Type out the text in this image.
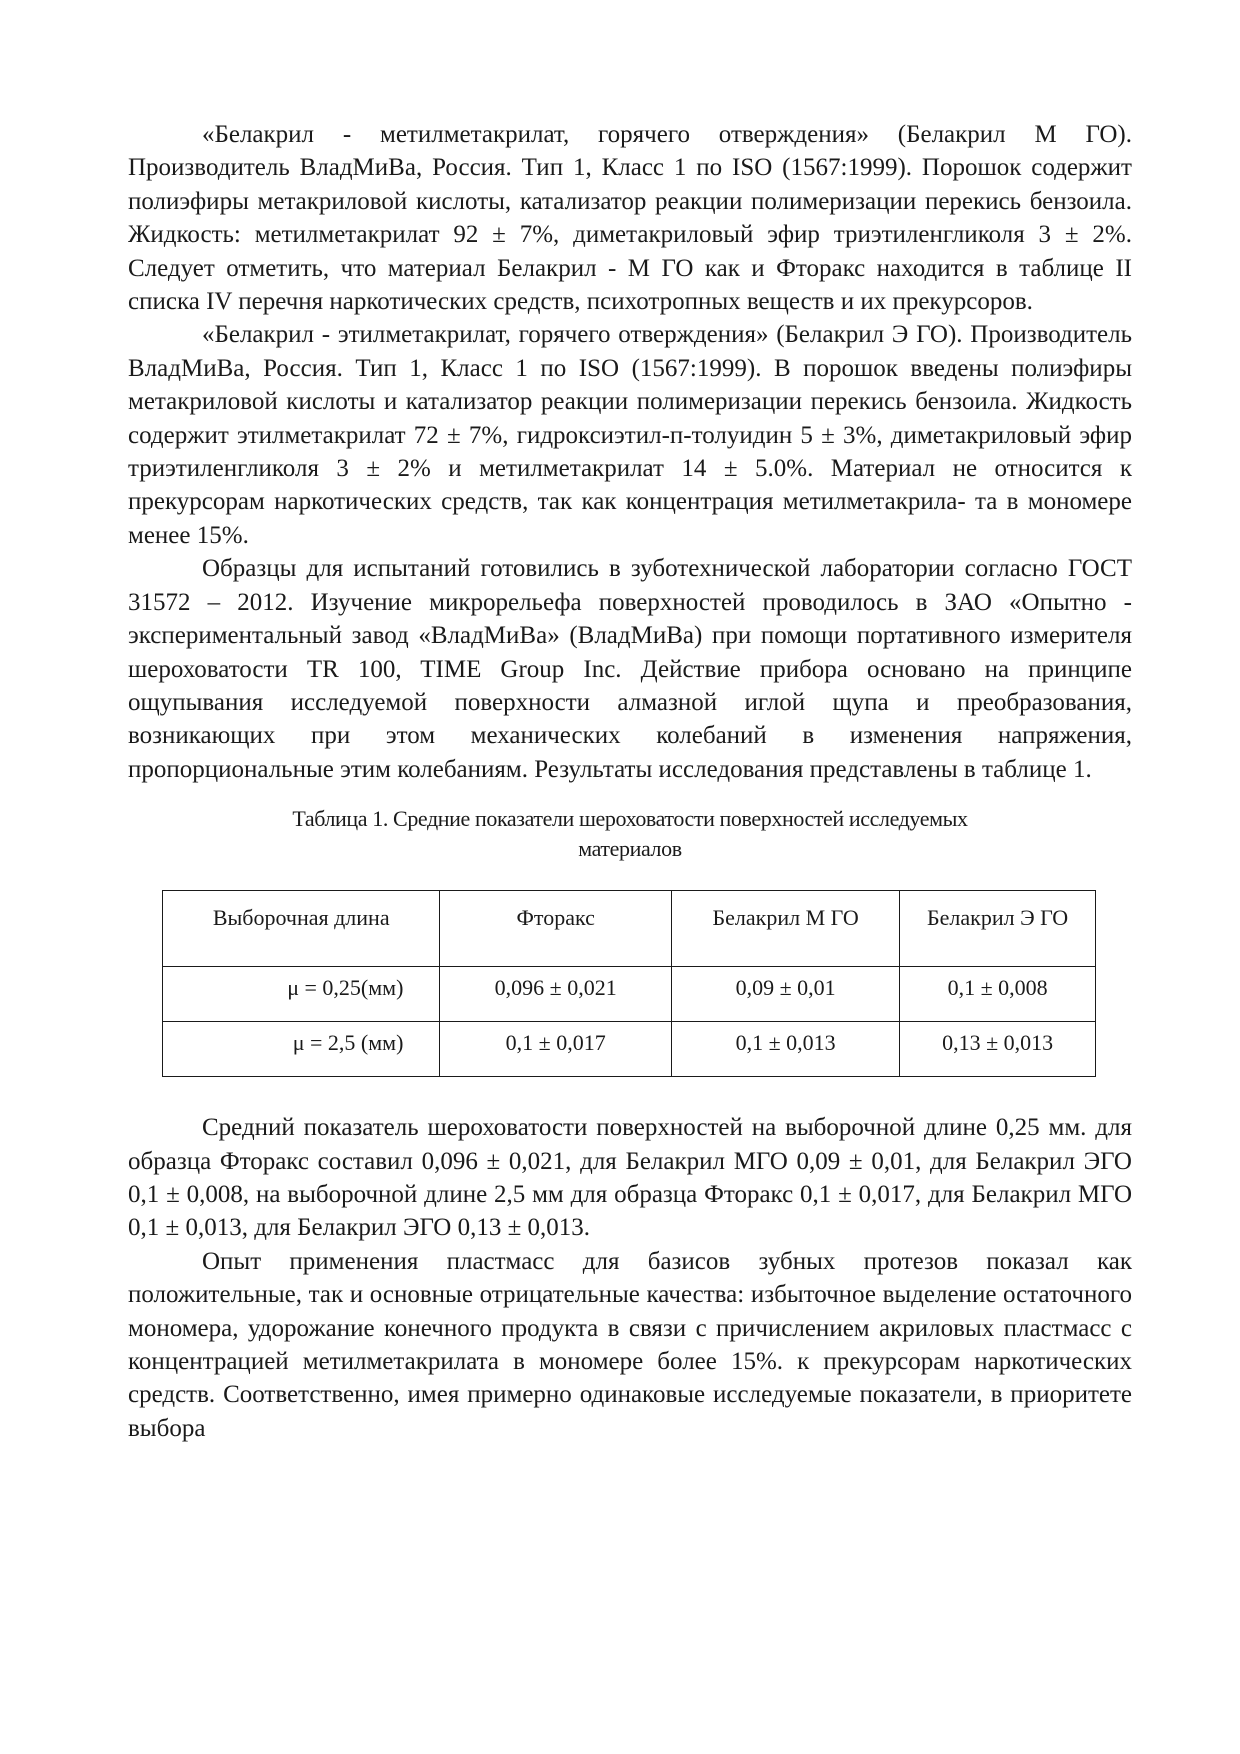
«Белакрил - метилметакрилат, горячего отверждения» (Белакрил М ГО). Производитель ВладМиВа, Россия. Тип 1, Класс 1 по ISO (1567:1999). Порошок содержит полиэфиры метакриловой кислоты, катализатор реакции полимеризации перекись бензоила. Жидкость: метилметакрилат 92 ± 7%, диметакриловый эфир триэтиленгликоля 3 ± 2%. Следует отметить, что материал Белакрил - М ГО как и Фторакс находится в таблице II списка IV перечня наркотических средств, психотропных веществ и их прекурсоров.

«Белакрил - этилметакрилат, горячего отверждения» (Белакрил Э ГО). Производитель ВладМиВа, Россия. Тип 1, Класс 1 по ISO (1567:1999). В порошок введены полиэфиры метакриловой кислоты и катализатор реакции полимеризации перекись бензоила. Жидкость содержит этилметакрилат 72 ± 7%, гидроксиэтил-п-толуидин 5 ± 3%, диметакриловый эфир триэтиленгликоля 3 ± 2% и метилметакрилат 14 ± 5.0%. Материал не относится к прекурсорам наркотических средств, так как концентрация метилметакрила- та в мономере менее 15%.

Образцы для испытаний готовились в зуботехнической лаборатории согласно ГОСТ 31572 – 2012. Изучение микрорельефа поверхностей проводилось в ЗАО «Опытно - экспериментальный завод «ВладМиВа» (ВладМиВа) при помощи портативного измерителя шероховатости TR 100, TIME Group Inc. Действие прибора основано на принципе ощупывания исследуемой поверхности алмазной иглой щупа и преобразования, возникающих при этом механических колебаний в изменения напряжения, пропорциональные этим колебаниям. Результаты исследования представлены в таблице 1.

Таблица 1. Средние показатели шероховатости поверхностей исследуемых
материалов
Выборочная длина	Фторакс	Белакрил М ГО	Белакрил Э ГО
μ = 0,25(мм)	0,096 ± 0,021	0,09 ± 0,01	0,1 ± 0,008
μ = 2,5 (мм)	0,1 ± 0,017	0,1 ± 0,013	0,13 ± 0,013

Средний показатель шероховатости поверхностей на выборочной длине 0,25 мм. для образца Фторакс составил 0,096 ± 0,021, для Белакрил МГО 0,09 ± 0,01, для Белакрил ЭГО 0,1 ± 0,008, на выборочной длине 2,5 мм для образца Фторакс 0,1 ± 0,017, для Белакрил МГО 0,1 ± 0,013, для Белакрил ЭГО 0,13 ± 0,013.

Опыт применения пластмасс для базисов зубных протезов показал как положительные, так и основные отрицательные качества: избыточное выделение остаточного мономера, удорожание конечного продукта в связи с причислением акриловых пластмасс с концентрацией метилметакрилата в мономере более 15%. к прекурсорам наркотических средств. Соответственно, имея примерно одинаковые исследуемые показатели, в приоритете выбора
